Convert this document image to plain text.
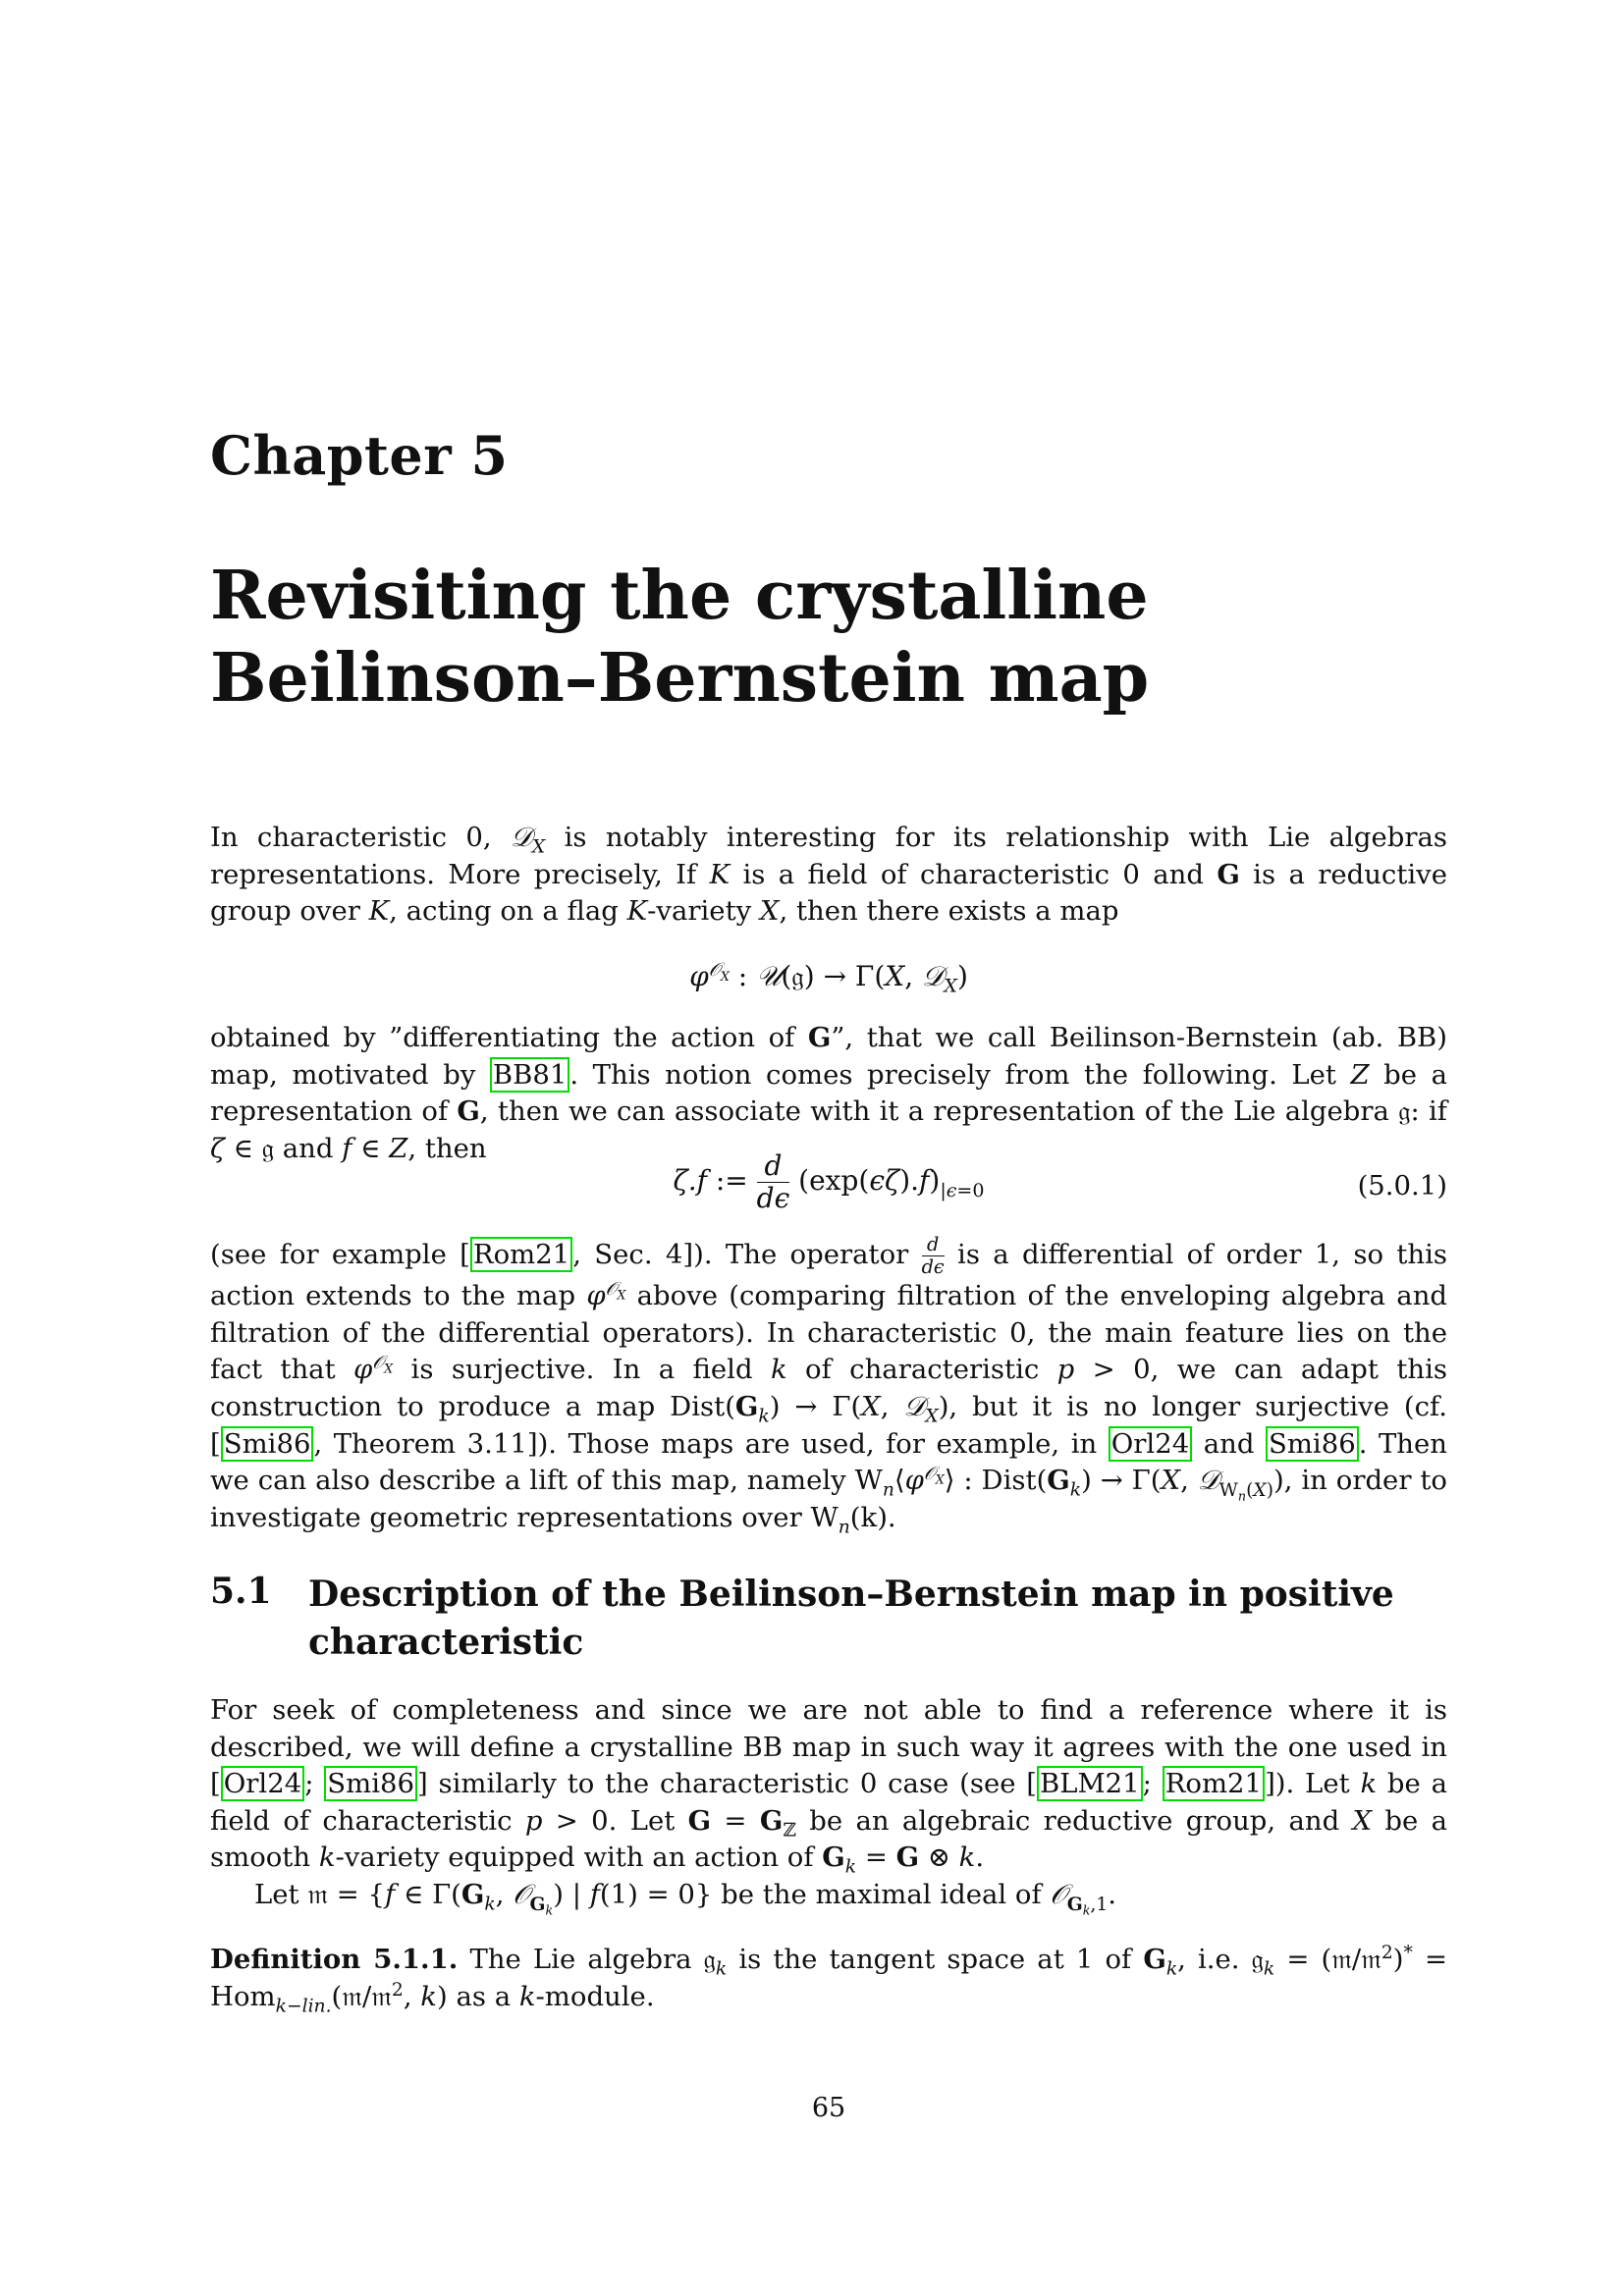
Chapter 5
Revisiting the crystalline
Beilinson–Bernstein map
In characteristic 0, 𝒟$_X$ is notably interesting for its relationship with Lie algebras representations. More precisely, If K is a field of characteristic 0 and G is a reductive group over K, acting on a flag K-variety X, then there exists a map
$\varphi^{𝒪_X}$ : 𝒰(𝔤) → Γ(X, 𝒟$_X$)
obtained by ”differentiating the action of G”, that we call Beilinson-Bernstein (ab. BB) map, motivated by BB81 . This notion comes precisely from the following. Let Z be a representation of G, then we can associate with it a representation of the Lie algebra 𝔤: if ζ ∈ 𝔤 and f ∈ Z, then
ζ.f := $\frac{d}{d\epsilon} (\exp(\epsilon\zeta).f)_{|\epsilon=0}$	(5.0.1)
(see for example [ Rom21 , Sec. 4]). The operator $\frac{d}{d\epsilon}$ is a differential of order 1, so this action extends to the map $\varphi^{𝒪_X}$ above (comparing filtration of the enveloping algebra and filtration of the differential operators). In characteristic 0, the main feature lies on the fact that $\varphi^{𝒪_X}$ is surjective. In a field k of characteristic p > 0, we can adapt this construction to produce a map $Dist(G_k) \to \Gamma(X$, 𝒟$_X$), but it is no longer surjective (cf. [ Smi86 , Theorem 3.11]). Those maps are used, for example, in Orl24 and Smi86 . Then we can also describe a lift of this map, namely $W_n⟨\varphi^{𝒪_X}⟩$ : $Dist(G_k) \to \Gamma(X$, 𝒟$_{W_n(X)}$), in order to investigate geometric representations over $W_n(k)$.
5.1 Description of the Beilinson–Bernstein map in positive characteristic
For seek of completeness and since we are not able to find a reference where it is described, we will define a crystalline BB map in such way it agrees with the one used in [ Orl24 ; Smi86 ] similarly to the characteristic 0 case (see [ BLM21 ; Rom21 ]). Let k be a field of characteristic p > 0. Let $G = G_ℤ$ be an algebraic reductive group, and X be a smooth k-variety equipped with an action of $G_k = G$ ⊗ k.
Let 𝔪 = {f ∈ $\Gamma(G_k$, 𝒪$_{G_k}$) | f(1) = 0} be the maximal ideal of 𝒪$_{G_k,1}$.
Definition 5.1.1. The Lie algebra 𝔤$_k$ is the tangent space at 1 of $G_k$, i.e. 𝔤$_k$ = (𝔪/𝔪$^2$)* = Hom$_{k-lin.}$(𝔪/𝔪$^2$, k) as a k-module.
65
